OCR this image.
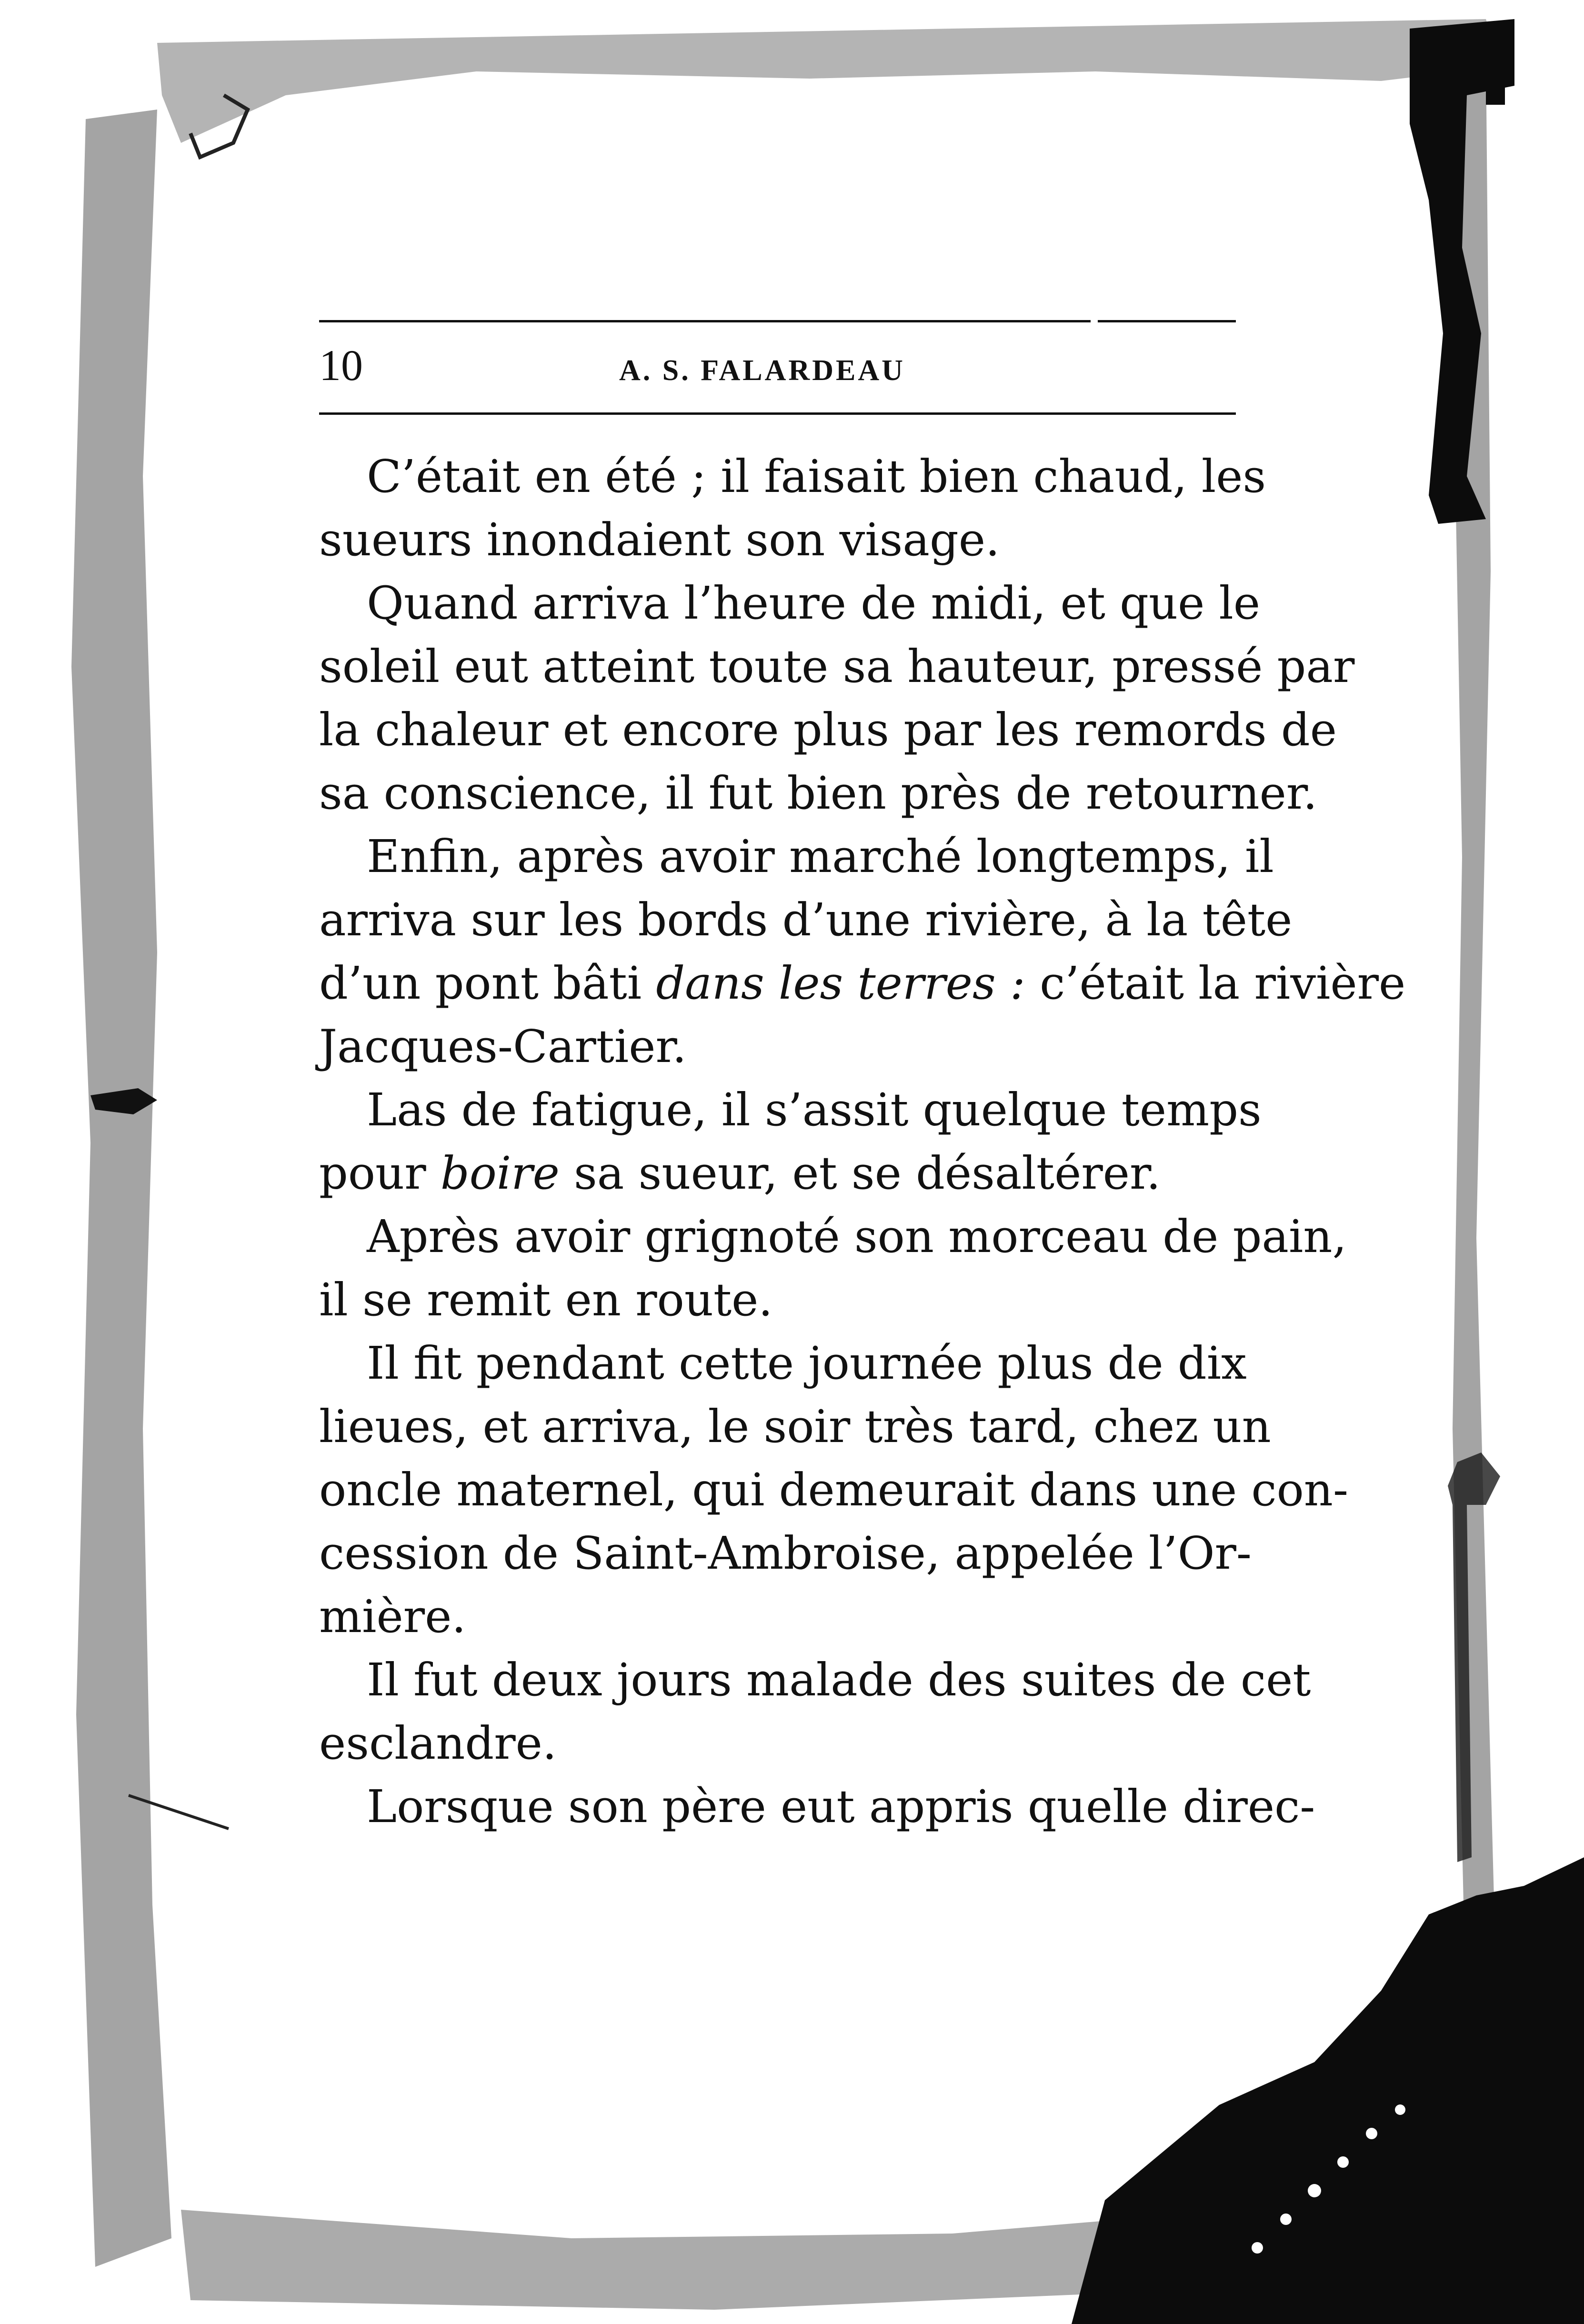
10	A. S. FALARDEAU
C’était en été ; il faisait bien chaud, les
sueurs inondaient son visage.
Quand arriva l’heure de midi, et que le
soleil eut atteint toute sa hauteur, pressé par
la chaleur et encore plus par les remords de
sa conscience, il fut bien près de retourner.
Enfin, après avoir marché longtemps, il
arriva sur les bords d’une rivière, à la tête
d’un pont bâti dans les terres : c’était la rivière
Jacques-Cartier.
Las de fatigue, il s’assit quelque temps
pour boire sa sueur, et se désaltérer.
Après avoir grignoté son morceau de pain,
il se remit en route.
Il fit pendant cette journée plus de dix
lieues, et arriva, le soir très tard, chez un
oncle maternel, qui demeurait dans une con-
cession de Saint-Ambroise, appelée l’Or-
mière.
Il fut deux jours malade des suites de cet
esclandre.
Lorsque son père eut appris quelle direc-
